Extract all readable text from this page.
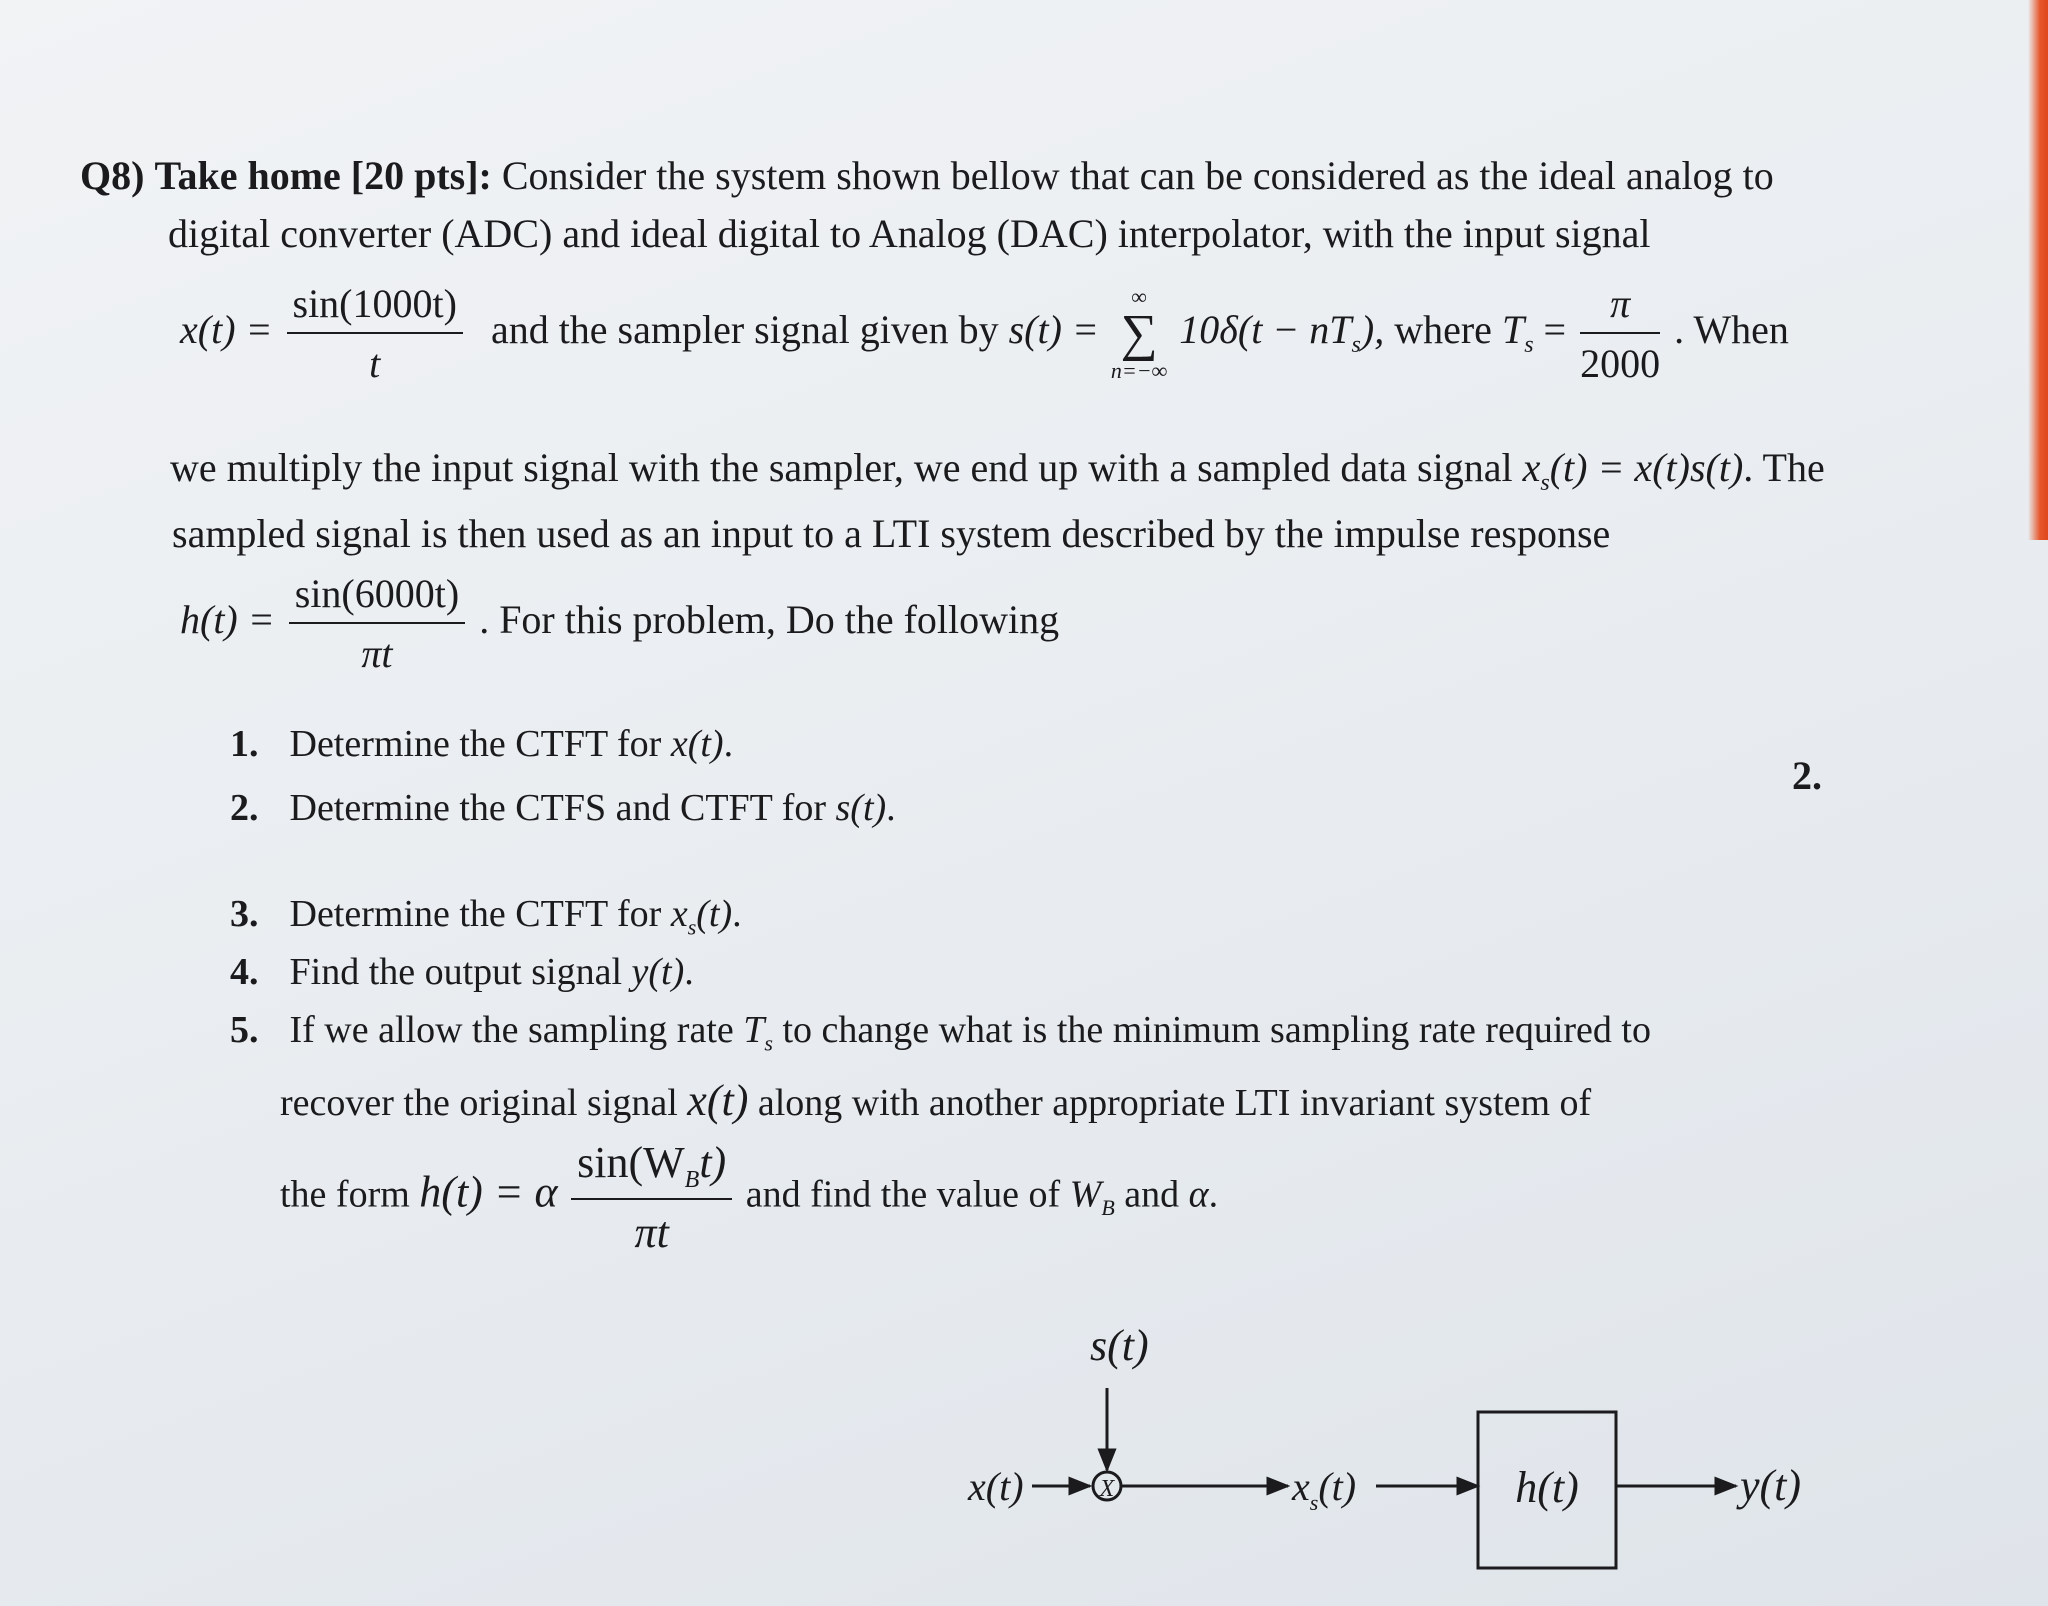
Q8) Take home [20 pts]: Consider the system shown bellow that can be considered as the ideal analog to
digital converter (ADC) and ideal digital to Analog (DAC) interpolator, with the input signal
$x(t) = \frac{\sin(1000t)}{t}$ and the sampler signal given by s(t) =
∞
∑
n=−∞
$10\delta(t - nT_s)$, where $T_s = \frac{\pi}{2000}$ . When
we multiply the input signal with the sampler, we end up with a sampled data signal $x_s(t) = x(t)s(t)$. The
sampled signal is then used as an input to a LTI system described by the impulse response
$h(t) = \frac{\sin(6000t)}{\pi t}$ . For this problem, Do the following
1. Determine the CTFT for x(t).
2. Determine the CTFS and CTFT for s(t).
3. Determine the CTFT for $x_s(t)$.
4. Find the output signal y(t).
5. If we allow the sampling rate $T_s$ to change what is the minimum sampling rate required to
recover the original signal x(t) along with another appropriate LTI invariant system of
the form h(t) = α $\frac{\sin(W_Bt)}{\pi t}$ and find the value of $W_B$ and α.
2.
s(t)
x(t)	X	$x_s(t)$	h(t)	y(t)
